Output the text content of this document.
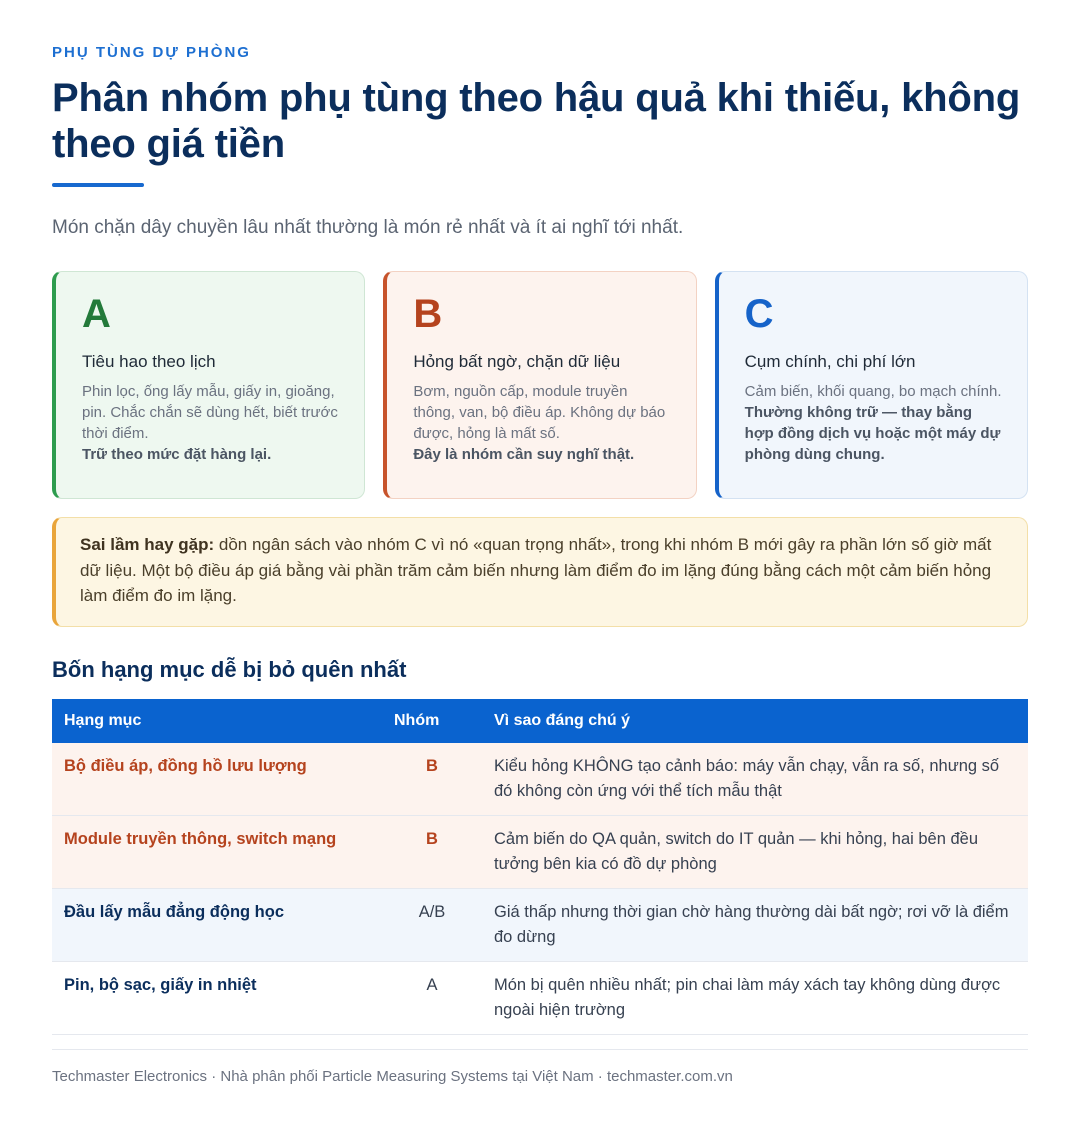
PHỤ TÙNG DỰ PHÒNG
Phân nhóm phụ tùng theo hậu quả khi thiếu, không theo giá tiền

Món chặn dây chuyền lâu nhất thường là món rẻ nhất và ít ai nghĩ tới nhất.

A
Tiêu hao theo lịch
Phin lọc, ống lấy mẫu, giấy in, gioăng, pin. Chắc chắn sẽ dùng hết, biết trước thời điểm.
Trữ theo mức đặt hàng lại.
B
Hỏng bất ngờ, chặn dữ liệu
Bơm, nguồn cấp, module truyền thông, van, bộ điều áp. Không dự báo được, hỏng là mất số.
Đây là nhóm cần suy nghĩ thật.
C
Cụm chính, chi phí lớn
Cảm biến, khối quang, bo mạch chính.
Thường không trữ — thay bằng hợp đồng dịch vụ hoặc một máy dự phòng dùng chung.
Sai lầm hay gặp: dồn ngân sách vào nhóm C vì nó «quan trọng nhất», trong khi nhóm B mới gây ra phần lớn số giờ mất dữ liệu. Một bộ điều áp giá bằng vài phần trăm cảm biến nhưng làm điểm đo im lặng đúng bằng cách một cảm biến hỏng làm điểm đo im lặng.
Bốn hạng mục dễ bị bỏ quên nhất
Hạng mục	Nhóm	Vì sao đáng chú ý
Bộ điều áp, đồng hồ lưu lượng	B	Kiểu hỏng KHÔNG tạo cảnh báo: máy vẫn chạy, vẫn ra số, nhưng số đó không còn ứng với thể tích mẫu thật
Module truyền thông, switch mạng	B	Cảm biến do QA quản, switch do IT quản — khi hỏng, hai bên đều tưởng bên kia có đồ dự phòng
Đầu lấy mẫu đẳng động học	A/B	Giá thấp nhưng thời gian chờ hàng thường dài bất ngờ; rơi vỡ là điểm đo dừng
Pin, bộ sạc, giấy in nhiệt	A	Món bị quên nhiều nhất; pin chai làm máy xách tay không dùng được ngoài hiện trường
Techmaster Electronics · Nhà phân phối Particle Measuring Systems tại Việt Nam · techmaster.com.vn
